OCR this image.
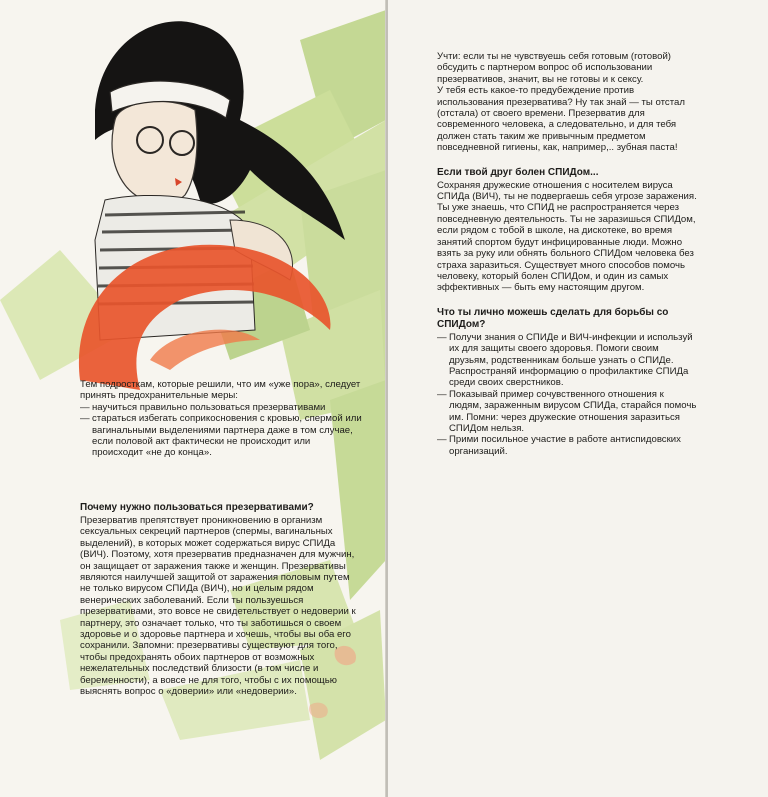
Тем подросткам, которые решили, что им «уже пора», следует принять предохранительные меры:

— научиться правильно пользоваться презервативами
— стараться избегать соприкосновения с кровью, спермой или вагинальными выделениями партнера даже в том случае, если половой акт фактически не происходит или происходит «не до конца».
Почему нужно пользоваться презервативами?

Презерватив препятствует проникновению в организм сексуальных секреций партнеров (спермы, вагинальных выделений), в которых может содержаться вирус СПИДа (ВИЧ). Поэтому, хотя презерватив предназначен для мужчин, он защищает от заражения также и женщин. Презервативы являются наилучшей защитой от заражения половым путем не только вирусом СПИДа (ВИЧ), но и целым рядом венерических заболеваний. Если ты пользуешься презервативами, это вовсе не свидетельствует о недоверии к партнеру, это означает только, что ты заботишься о своем здоровье и о здоровье партнера и хочешь, чтобы вы оба его сохранили. Запомни: презервативы существуют для того, чтобы предохранять обоих партнеров от возможных нежелательных последствий близости (в том числе и беременности), а вовсе не для того, чтобы с их помощью выяснять вопрос о «доверии» или «недоверии».

Учти: если ты не чувствуешь себя готовым (готовой) обсудить с партнером вопрос об использовании презервативов, значит, вы не готовы и к сексу.

У тебя есть какое-то предубеждение против использования презерватива? Ну так знай — ты отстал (отстала) от своего времени. Презерватив для современного человека, а следовательно, и для тебя должен стать таким же привычным предметом повседневной гигиены, как, например,.. зубная паста!

Если твой друг болен СПИДом...

Сохраняя дружеские отношения с носителем вируса СПИДа (ВИЧ), ты не подвергаешь себя угрозе заражения. Ты уже знаешь, что СПИД не распространяется через повседневную деятельность. Ты не заразишься СПИДом, если рядом с тобой в школе, на дискотеке, во время занятий спортом будут инфицированные люди. Можно взять за руку или обнять больного СПИДом человека без страха заразиться. Существует много способов помочь человеку, который болен СПИДом, и один из самых эффективных — быть ему настоящим другом.

Что ты лично можешь сделать для борьбы со СПИДом?
— Получи знания о СПИДе и ВИЧ-инфекции и используй их для защиты своего здоровья. Помоги своим друзьям, родственникам больше узнать о СПИДе. Распространяй информацию о профилактике СПИДа среди своих сверстников.
— Показывай пример сочувственного отношения к людям, зараженным вирусом СПИДа, старайся помочь им. Помни: через дружеские отношения заразиться СПИДом нельзя.
— Прими посильное участие в работе антиспидовских организаций.
